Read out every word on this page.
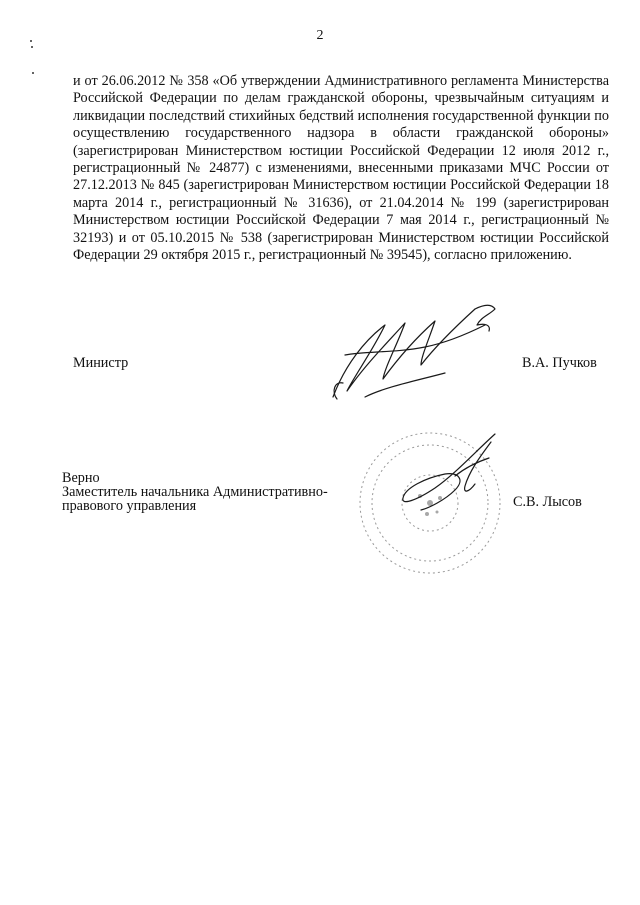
2

и от 26.06.2012 № 358 «Об утверждении Административного регламента Министерства Российской Федерации по делам гражданской обороны, чрезвычайным ситуациям и ликвидации последствий стихийных бедствий исполнения государственной функции по осуществлению государственного надзора в области гражданской обороны» (зарегистрирован Министерством юстиции Российской Федерации 12 июля 2012 г., регистрационный № 24877) с изменениями, внесенными приказами МЧС России от 27.12.2013 № 845 (зарегистрирован Министерством юстиции Российской Федерации 18 марта 2014 г., регистрационный № 31636), от 21.04.2014 № 199 (зарегистрирован Министерством юстиции Российской Федерации 7 мая 2014 г., регистрационный № 32193) и от 05.10.2015 № 538 (зарегистрирован Министерством юстиции Российской Федерации 29 октября 2015 г., регистрационный № 39545), согласно приложению.

Министр	В.А. Пучков
Верно
Заместитель начальника Административно-
правового управления	С.В. Лысов
